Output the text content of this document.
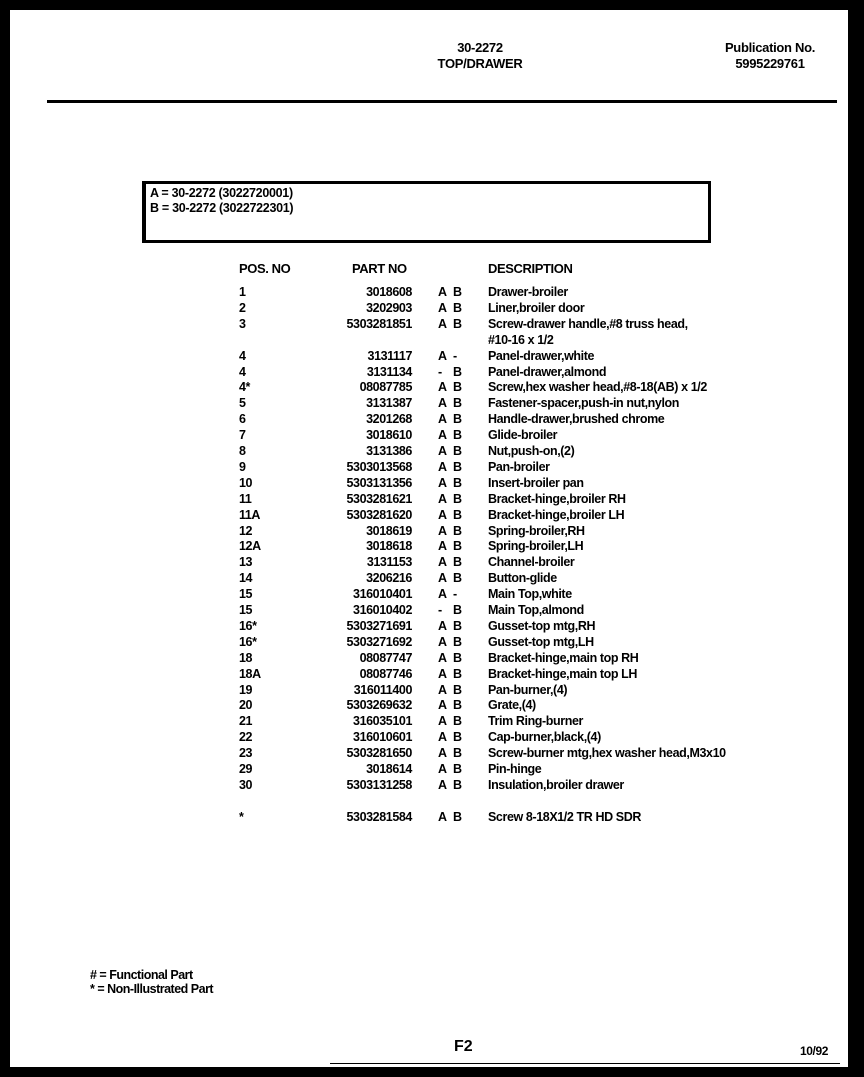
30-2272
TOP/DRAWER
Publication No.
5995229761
A = 30-2272 (3022720001)
B = 30-2272 (3022722301)
POS. NO	PART NO	DESCRIPTION
1	3018608 A B Drawer-broiler
2	3202903 A B Liner,broiler door
3	5303281851 A B Screw-drawer handle,#8 truss head,
#10-16 x 1/2
4	3131117 A - Panel-drawer,white
4	3131134 - B Panel-drawer,almond
4*	08087785 A B Screw,hex washer head,#8-18(AB) x 1/2
5	3131387 A B Fastener-spacer,push-in nut,nylon
6	3201268 A B Handle-drawer,brushed chrome
7	3018610 A B Glide-broiler
8	3131386 A B Nut,push-on,(2)
9	5303013568 A B Pan-broiler
10	5303131356 A B Insert-broiler pan
11	5303281621 A B Bracket-hinge,broiler RH
11A	5303281620 A B Bracket-hinge,broiler LH
12	3018619 A B Spring-broiler,RH
12A	3018618 A B Spring-broiler,LH
13	3131153 A B Channel-broiler
14	3206216 A B Button-glide
15	316010401 A - Main Top,white
15	316010402 - B Main Top,almond
16*	5303271691 A B Gusset-top mtg,RH
16*	5303271692 A B Gusset-top mtg,LH
18	08087747 A B Bracket-hinge,main top RH
18A	08087746 A B Bracket-hinge,main top LH
19	316011400 A B Pan-burner,(4)
20	5303269632 A B Grate,(4)
21	316035101 A B Trim Ring-burner
22	316010601 A B Cap-burner,black,(4)
23	5303281650 A B Screw-burner mtg,hex washer head,M3x10
29	3018614 A B Pin-hinge
30	5303131258 A B Insulation,broiler drawer
*	5303281584 A B Screw 8-18X1/2 TR HD SDR
# = Functional Part
* = Non-Illustrated Part
F2	10/92
